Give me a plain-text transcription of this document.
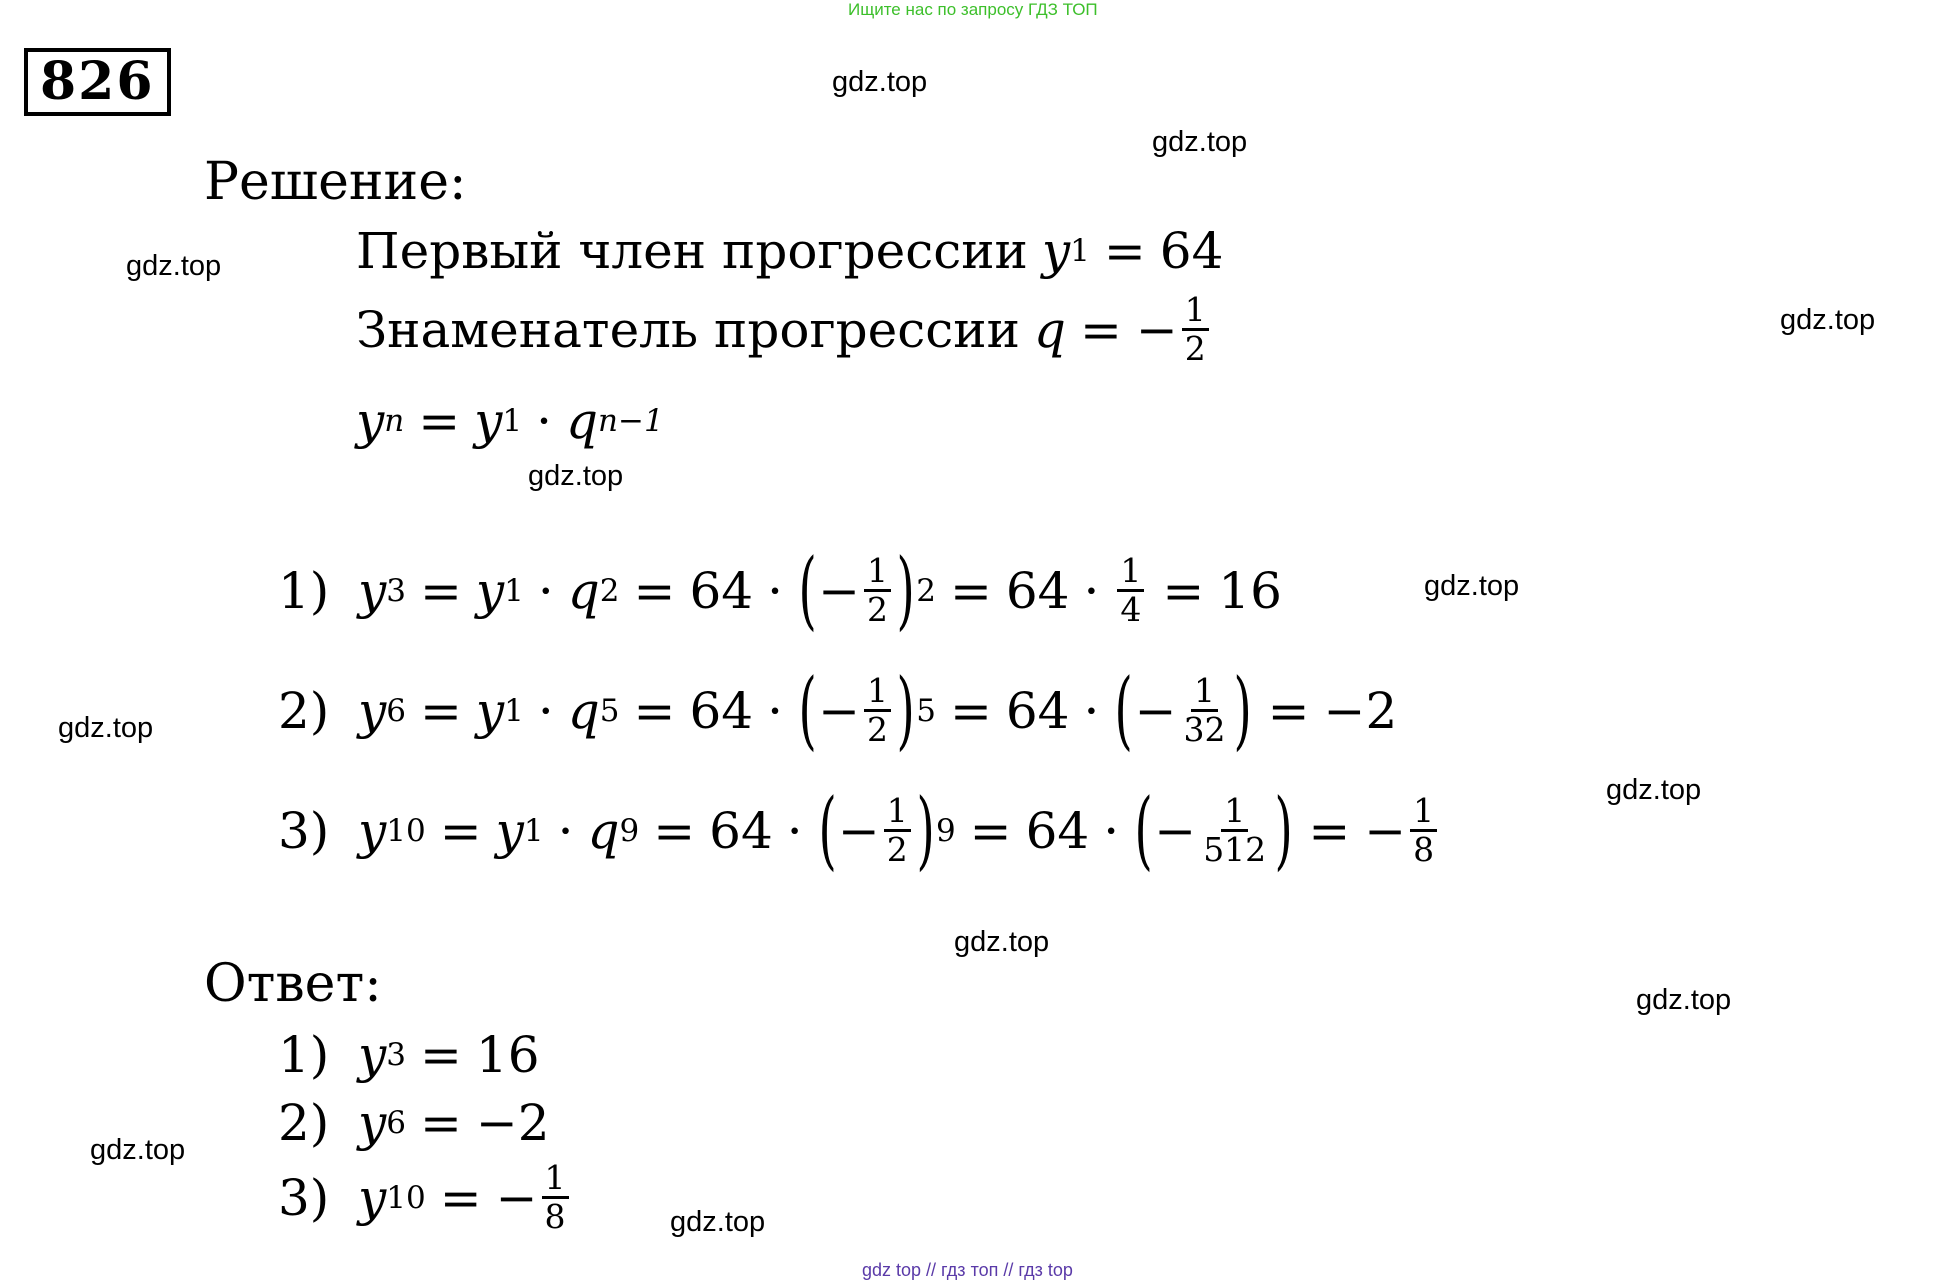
Ищите нас по запросу ГДЗ ТОП
826	gdz.top
gdz.top
gdz.top
gdz.top
gdz.top
gdz.top
gdz.top
gdz.top
gdz.top
gdz.top
gdz.top
gdz.top
Решение:
Первый член прогрессии y 1 = 64
Знаменатель прогрессии q = − $\frac{1}{2}$
y n = y 1 · q n−1
1) y 3 = y 1 · q 2 = 64 · ( − $\frac{1}{2}$ ) $2 = 64 \cdot \frac{1}{4} = 16$
2) y 6 = y 1 · q 5 = 64 · ( − $\frac{1}{2}$ ) 5 = 64 · ( − $\frac{1}{32}$ ) = −2
3) y 10 = y 1 · q 9 = 64 · ( − $\frac{1}{2}$ ) 9 = 64 · ( − $\frac{1}{512}$ ) = − $\frac{1}{8}$
Ответ:
1) y 3 = 16
2) y 6 = −2
3) y 10 = − $\frac{1}{8}$
gdz top // гдз топ // гдз top
